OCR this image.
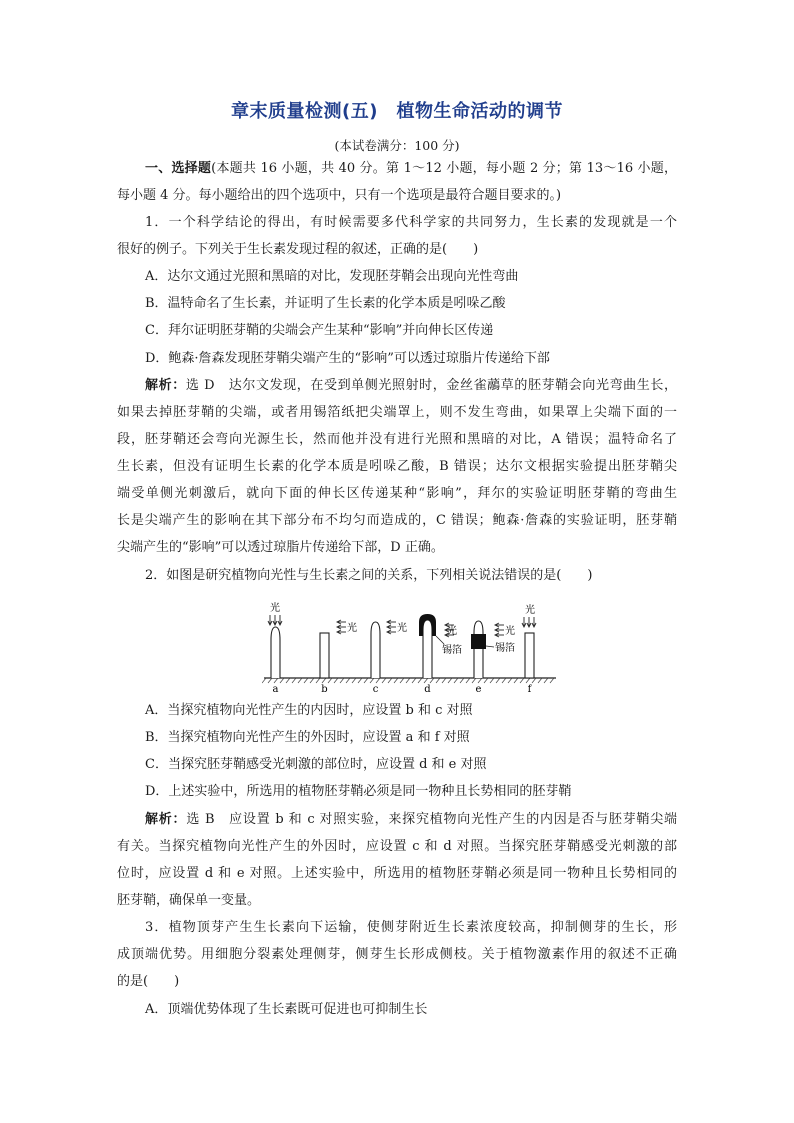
章末质量检测(五)　植物生命活动的调节
(本试卷满分：100 分)
一、选择题(本题共 16 小题，共 40 分。第 1～12 小题，每小题 2 分；第 13～16 小题，
每小题 4 分。每小题给出的四个选项中，只有一个选项是最符合题目要求的。)
1．一个科学结论的得出，有时候需要多代科学家的共同努力，生长素的发现就是一个
很好的例子。下列关于生长素发现过程的叙述，正确的是(　　)
A．达尔文通过光照和黑暗的对比，发现胚芽鞘会出现向光性弯曲
B．温特命名了生长素，并证明了生长素的化学本质是吲哚乙酸
C．拜尔证明胚芽鞘的尖端会产生某种“影响”并向伸长区传递
D．鲍森·詹森发现胚芽鞘尖端产生的“影响”可以透过琼脂片传递给下部
解析：选 D　达尔文发现，在受到单侧光照射时，金丝雀虉草的胚芽鞘会向光弯曲生长，
如果去掉胚芽鞘的尖端，或者用锡箔纸把尖端罩上，则不发生弯曲，如果罩上尖端下面的一
段，胚芽鞘还会弯向光源生长，然而他并没有进行光照和黑暗的对比，A 错误；温特命名了
生长素，但没有证明生长素的化学本质是吲哚乙酸，B 错误；达尔文根据实验提出胚芽鞘尖
端受单侧光刺激后，就向下面的伸长区传递某种“影响”，拜尔的实验证明胚芽鞘的弯曲生
长是尖端产生的影响在其下部分布不均匀而造成的，C 错误；鲍森·詹森的实验证明，胚芽鞘
尖端产生的“影响”可以透过琼脂片传递给下部，D 正确。
2．如图是研究植物向光性与生长素之间的关系，下列相关说法错误的是(　　)
光
光	光	光
锡箔
光
锡箔
光
a	b	c	d	e	f
A．当探究植物向光性产生的内因时，应设置 b 和 c 对照
B．当探究植物向光性产生的外因时，应设置 a 和 f 对照
C．当探究胚芽鞘感受光刺激的部位时，应设置 d 和 e 对照
D．上述实验中，所选用的植物胚芽鞘必须是同一物种且长势相同的胚芽鞘
解析：选 B　应设置 b 和 c 对照实验，来探究植物向光性产生的内因是否与胚芽鞘尖端
有关。当探究植物向光性产生的外因时，应设置 c 和 d 对照。当探究胚芽鞘感受光刺激的部
位时，应设置 d 和 e 对照。上述实验中，所选用的植物胚芽鞘必须是同一物种且长势相同的
胚芽鞘，确保单一变量。
3．植物顶芽产生生长素向下运输，使侧芽附近生长素浓度较高，抑制侧芽的生长，形
成顶端优势。用细胞分裂素处理侧芽，侧芽生长形成侧枝。关于植物激素作用的叙述不正确
的是(　　)
A．顶端优势体现了生长素既可促进也可抑制生长
